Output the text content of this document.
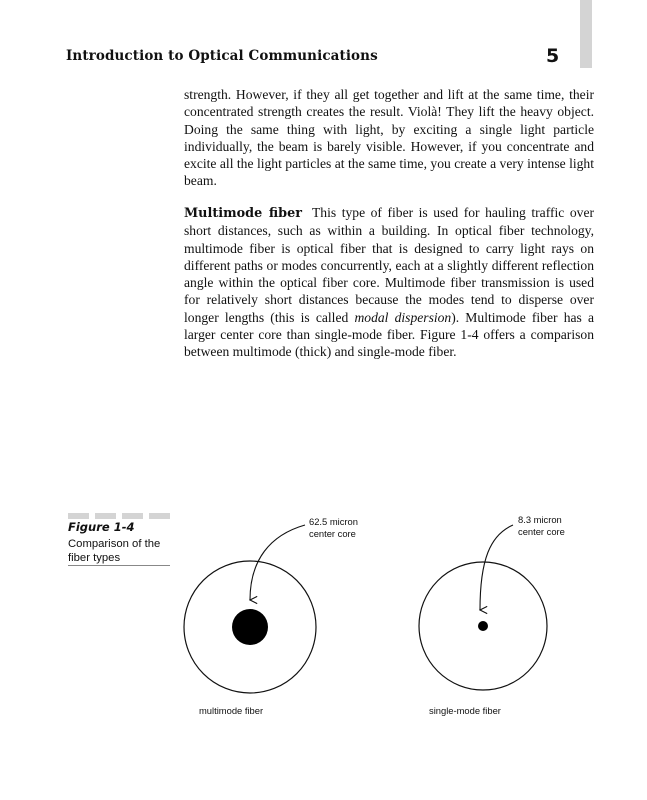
Introduction to Optical Communications	5

strength. However, if they all get together and lift at the same time, their concentrated strength creates the result. Violà! They lift the heavy object. Doing the same thing with light, by exciting a single light particle individually, the beam is barely visible. However, if you concentrate and excite all the light particles at the same time, you create a very intense light beam.

Multimode fiber This type of fiber is used for hauling traffic over short distances, such as within a building. In optical fiber technology, multimode fiber is optical fiber that is designed to carry light rays on different paths or modes concurrently, each at a slightly different reflection angle within the optical fiber core. Multimode fiber transmission is used for relatively short distances because the modes tend to disperse over longer lengths (this is called modal dispersion). Multimode fiber has a larger center core than single-mode fiber. Figure 1-4 offers a comparison between multimode (thick) and single-mode fiber.

Figure 1-4
Comparison of the fiber types
62.5 micron
center core
multimode fiber
8.3 micron
center core
single-mode fiber
